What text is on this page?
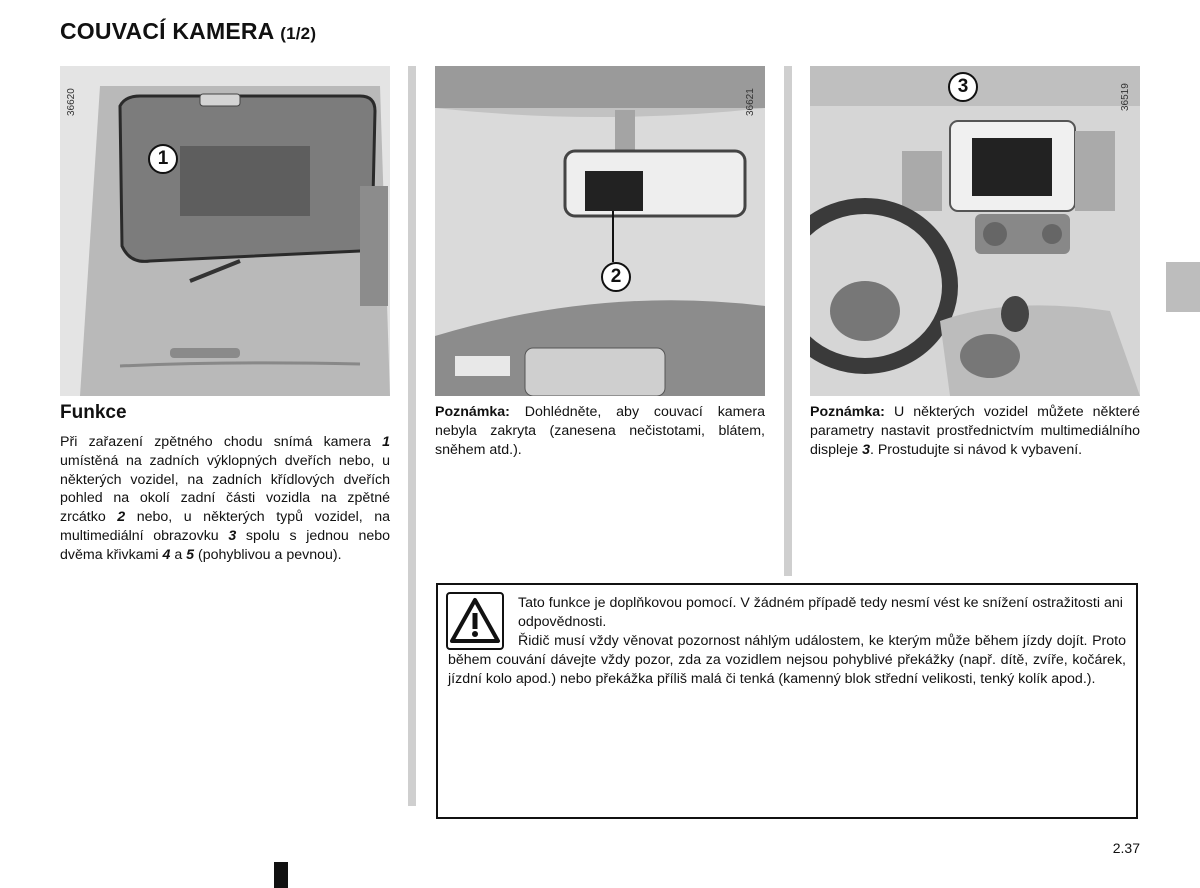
COUVACÍ KAMERA (1/2)
36620
1
36621
2
36519
3
Funkce
Při zařazení zpětného chodu snímá kamera 1 umístěná na zadních výklopných dveřích nebo, u některých vozidel, na zadních křídlových dveřích pohled na okolí zadní části vozidla na zpětné zrcátko 2 nebo, u některých typů vozidel, na multimediální obrazovku 3 spolu s jednou nebo dvěma křivkami 4 a 5 (pohyblivou a pevnou).
Poznámka: Dohlédněte, aby couvací kamera nebyla zakryta (zanesena nečistotami, blátem, sněhem atd.).
Poznámka: U některých vozidel můžete některé parametry nastavit prostřednictvím multimediálního displeje 3. Prostudujte si návod k vybavení.
Tato funkce je doplňkovou pomocí. V žádném případě tedy nesmí vést ke snížení ostražitosti ani odpovědnosti.
Řidič musí vždy věnovat pozornost náhlým událostem, ke kterým může během jízdy dojít. Proto během couvání dávejte vždy pozor, zda za vozidlem nejsou pohyblivé překážky (např. dítě, zvíře, kočárek, jízdní kolo apod.) nebo překážka příliš malá či tenká (kamenný blok střední velikosti, tenký kolík apod.).
2.37
